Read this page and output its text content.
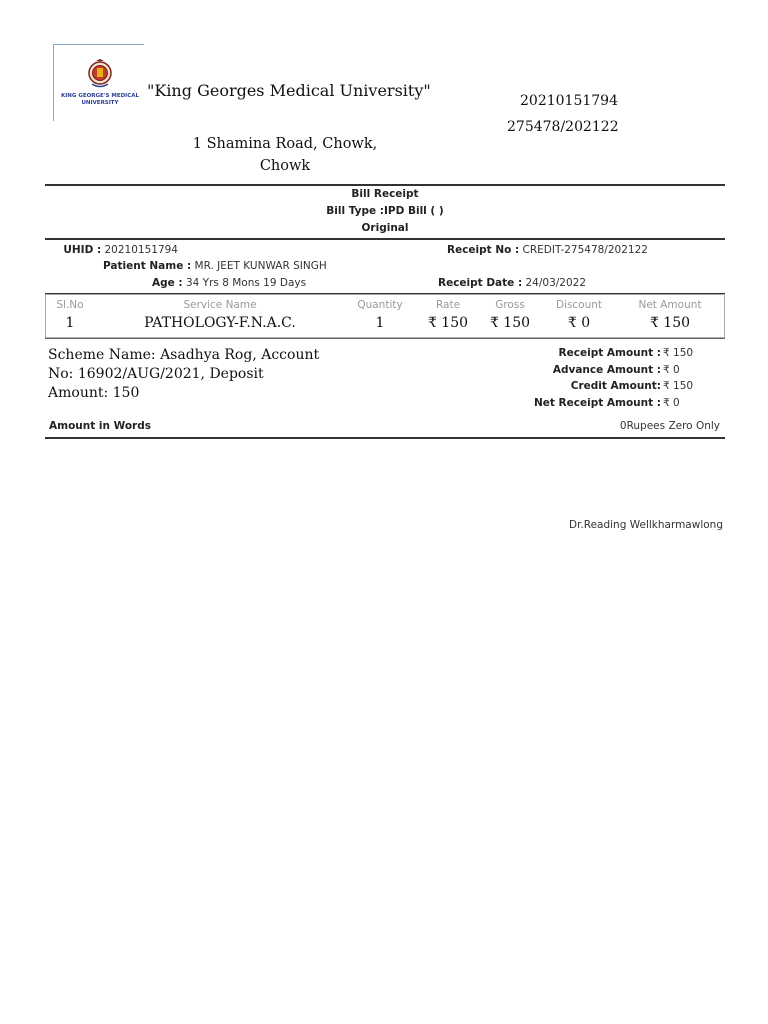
KING GEORGE'S MEDICAL
UNIVERSITY
"King Georges Medical University"
20210151794
275478/202122
1 Shamina Road, Chowk,
Chowk
Bill Receipt
Bill Type :IPD Bill ( )
Original
UHID : 20210151794
Patient Name : MR. JEET KUNWAR SINGH
Age : 34 Yrs 8 Mons 19 Days
Receipt No : CREDIT-275478/202122
Receipt Date : 24/03/2022
Sl.No	Service Name	Quantity	Rate	Gross	Discount	Net Amount
1	PATHOLOGY-F.N.A.C.	1	₹ 150	₹ 150	₹ 0	₹ 150
Scheme Name: Asadhya Rog, Account
No: 16902/AUG/2021, Deposit
Amount: 150
Receipt Amount : ₹ 150
Advance Amount : ₹ 0
Credit Amount: ₹ 150
Net Receipt Amount : ₹ 0
Amount in Words	0Rupees Zero Only
Dr.Reading Wellkharmawlong
